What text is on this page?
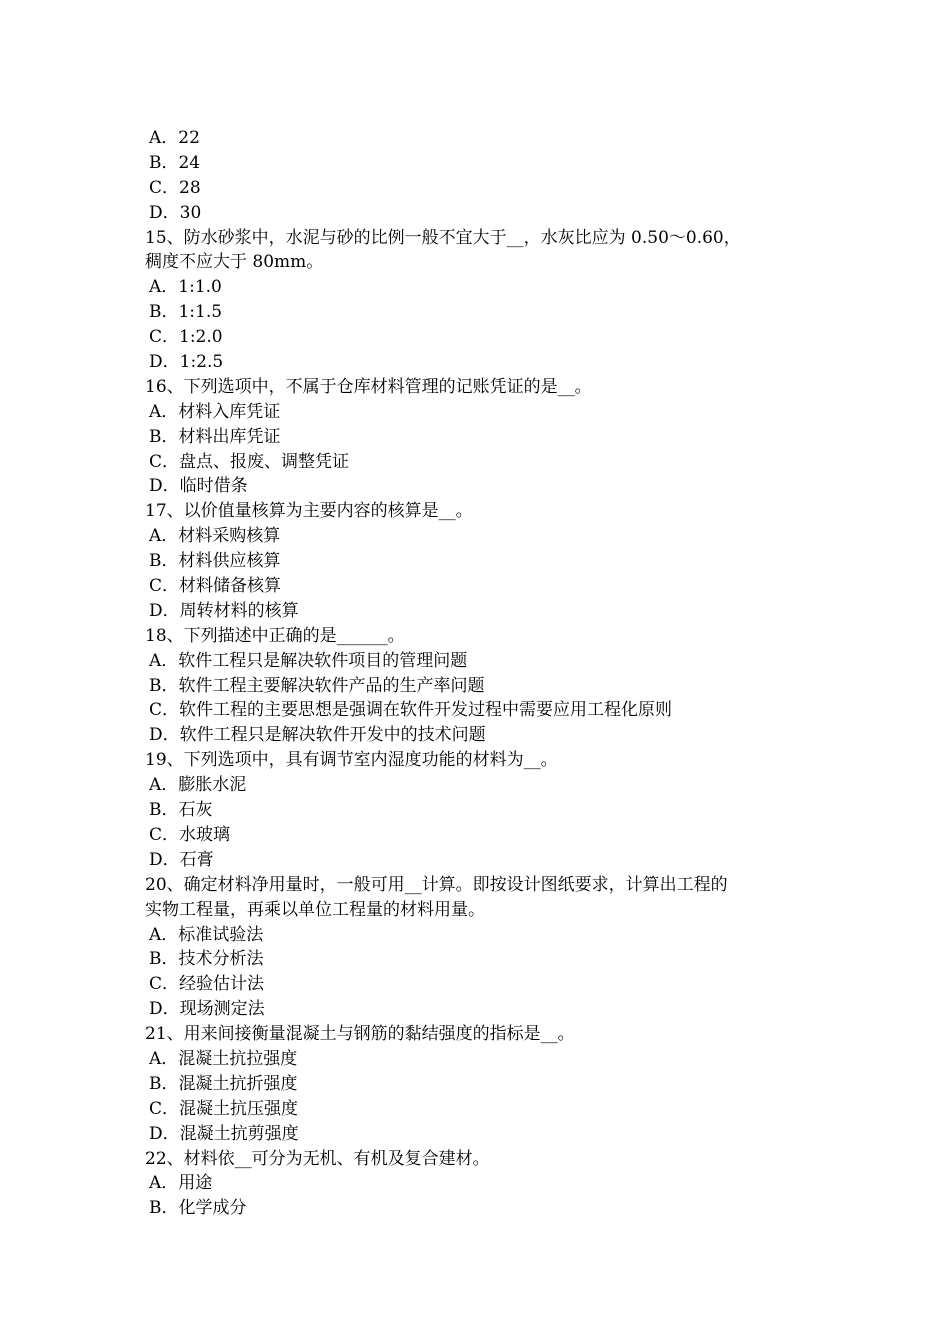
A．22
B．24
C．28
D．30
15、防水砂浆中，水泥与砂的比例一般不宜大于__，水灰比应为 0.50～0.60，
稠度不应大于 80mm。
A．1:1.0
B．1:1.5
C．1:2.0
D．1:2.5
16、下列选项中，不属于仓库材料管理的记账凭证的是__。
A．材料入库凭证
B．材料出库凭证
C．盘点、报废、调整凭证
D．临时借条
17、以价值量核算为主要内容的核算是__。
A．材料采购核算
B．材料供应核算
C．材料储备核算
D．周转材料的核算
18、下列描述中正确的是______。
A．软件工程只是解决软件项目的管理问题
B．软件工程主要解决软件产品的生产率问题
C．软件工程的主要思想是强调在软件开发过程中需要应用工程化原则
D．软件工程只是解决软件开发中的技术问题
19、下列选项中，具有调节室内湿度功能的材料为__。
A．膨胀水泥
B．石灰
C．水玻璃
D．石膏
20、确定材料净用量时，一般可用__计算。即按设计图纸要求，计算出工程的
实物工程量，再乘以单位工程量的材料用量。
A．标准试验法
B．技术分析法
C．经验估计法
D．现场测定法
21、用来间接衡量混凝土与钢筋的黏结强度的指标是__。
A．混凝土抗拉强度
B．混凝土抗折强度
C．混凝土抗压强度
D．混凝土抗剪强度
22、材料依__可分为无机、有机及复合建材。
A．用途
B．化学成分
